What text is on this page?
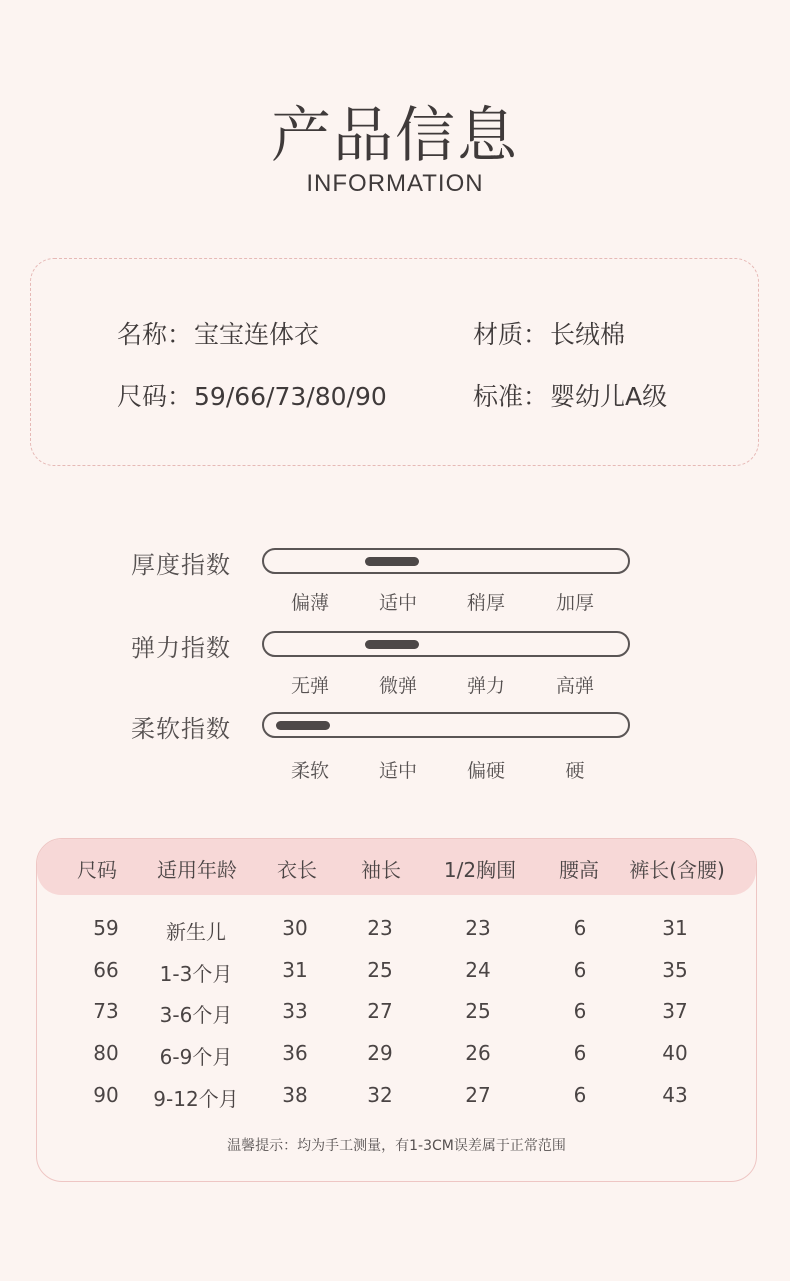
产品信息
INFORMATION
名称：宝宝连体衣	材质：长绒棉
尺码：59/66/73/80/90	标准：婴幼儿A级
厚度指数
偏薄	适中	稍厚	加厚
弹力指数
无弹	微弹	弹力	高弹
柔软指数
柔软	适中	偏硬	硬
尺码	适用年龄	衣长	袖长	1/2胸围	腰高	裤长(含腰)
59	新生儿	30	23	23	6	31
66	1-3个月	31	25	24	6	35
73	3-6个月	33	27	25	6	37
80	6-9个月	36	29	26	6	40
90	9-12个月	38	32	27	6	43
温馨提示：均为手工测量，有1-3CM误差属于正常范围
